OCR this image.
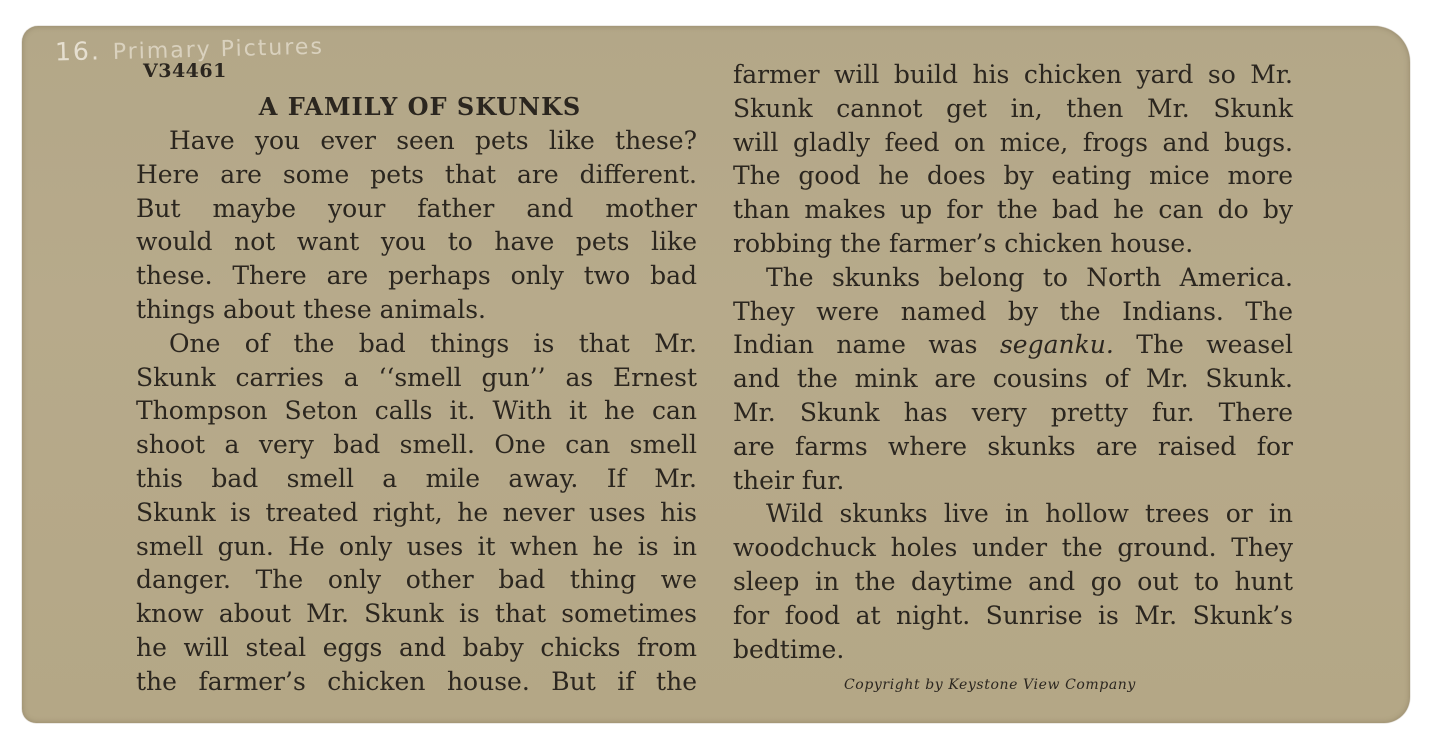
16. Primary Pictures
V34461
A FAMILY OF SKUNKS
Have you ever seen pets like these?
Here are some pets that are different.
But maybe your father and mother
would not want you to have pets like
these. There are perhaps only two bad
things about these animals.
One of the bad things is that Mr.
Skunk carries a ‘‘smell gun’’ as Ernest
Thompson Seton calls it. With it he can
shoot a very bad smell. One can smell
this bad smell a mile away. If Mr.
Skunk is treated right, he never uses his
smell gun. He only uses it when he is in
danger. The only other bad thing we
know about Mr. Skunk is that sometimes
he will steal eggs and baby chicks from
the farmer’s chicken house. But if the
farmer will build his chicken yard so Mr.
Skunk cannot get in, then Mr. Skunk
will gladly feed on mice, frogs and bugs.
The good he does by eating mice more
than makes up for the bad he can do by
robbing the farmer’s chicken house.
The skunks belong to North America.
They were named by the Indians. The
Indian name was seganku. The weasel
and the mink are cousins of Mr. Skunk.
Mr. Skunk has very pretty fur. There
are farms where skunks are raised for
their fur.
Wild skunks live in hollow trees or in
woodchuck holes under the ground. They
sleep in the daytime and go out to hunt
for food at night. Sunrise is Mr. Skunk’s
bedtime.
Copyright by Keystone View Company
